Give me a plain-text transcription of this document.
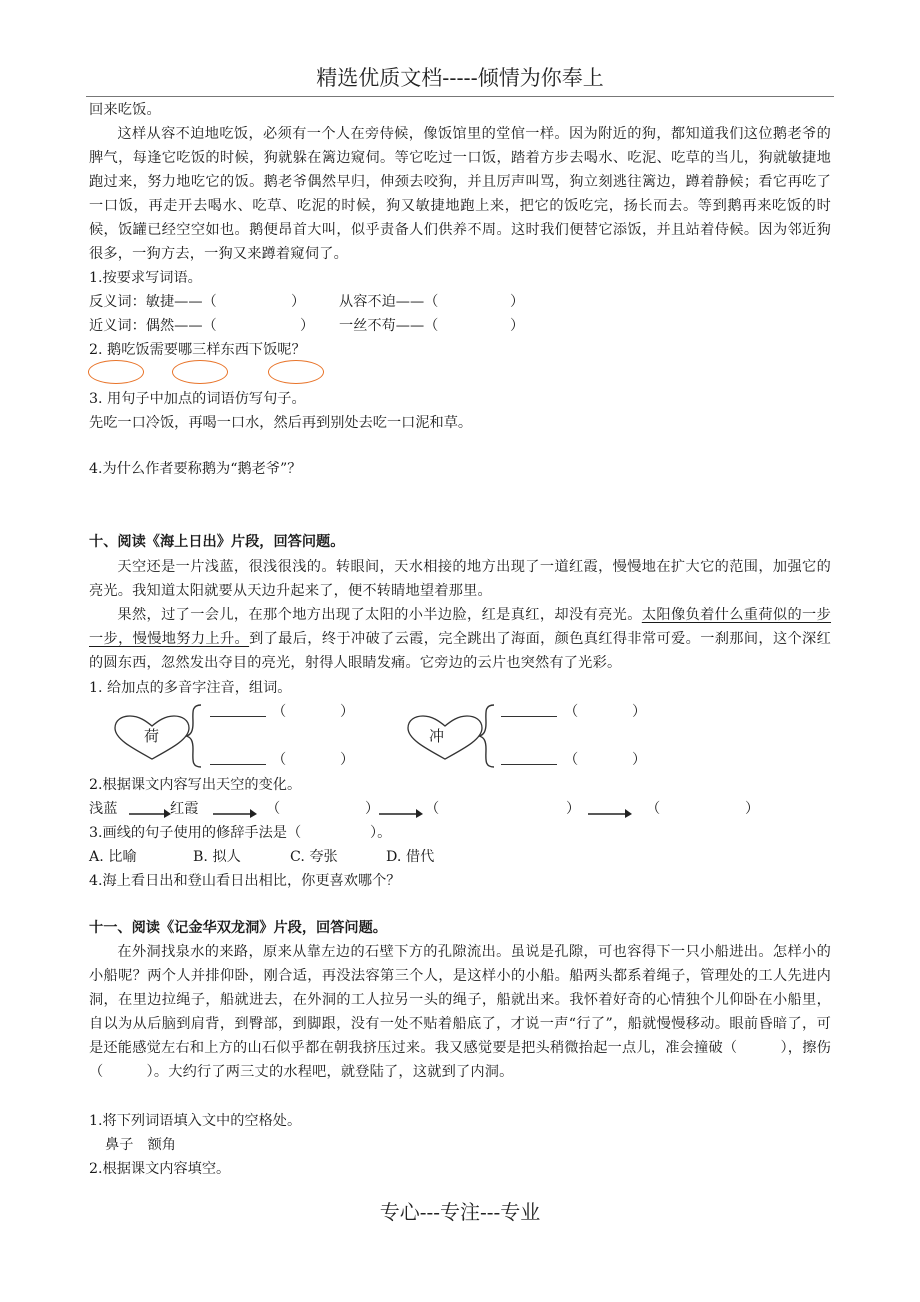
精选优质文档-----倾情为你奉上
回来吃饭。
这样从容不迫地吃饭，必须有一个人在旁侍候，像饭馆里的堂倌一样。因为附近的狗，都知道我们这位鹅老爷的脾气，每逢它吃饭的时候，狗就躲在篱边窥伺。等它吃过一口饭，踏着方步去喝水、吃泥、吃草的当儿，狗就敏捷地跑过来，努力地吃它的饭。鹅老爷偶然早归，伸颈去咬狗，并且厉声叫骂，狗立刻逃往篱边，蹲着静候；看它再吃了一口饭，再走开去喝水、吃草、吃泥的时候，狗又敏捷地跑上来，把它的饭吃完，扬长而去。等到鹅再来吃饭的时候，饭罐已经空空如也。鹅便昂首大叫，似乎责备人们供养不周。这时我们便替它添饭，并且站着侍候。因为邻近狗很多，一狗方去，一狗又来蹲着窥伺了。
1.按要求写词语。
反义词：敏捷——（	） 从容不迫——（	）
近义词：偶然——（	） 一丝不苟——（	）
2. 鹅吃饭需要哪三样东西下饭呢？
3. 用句子中加点的词语仿写句子。
先吃一口冷饭，再喝一口水，然后再到别处去吃一口泥和草。
4.为什么作者要称鹅为“鹅老爷”？
十、阅读《海上日出》片段，回答问题。
天空还是一片浅蓝，很浅很浅的。转眼间，天水相接的地方出现了一道红霞，慢慢地在扩大它的范围，加强它的亮光。我知道太阳就要从天边升起来了，便不转睛地望着那里。
果然，过了一会儿，在那个地方出现了太阳的小半边脸，红是真红，却没有亮光。太阳像负着什么重荷似的一步一步，慢慢地努力上升。到了最后，终于冲破了云霞，完全跳出了海面，颜色真红得非常可爱。一刹那间，这个深红的圆东西，忽然发出夺目的亮光，射得人眼睛发痛。它旁边的云片也突然有了光彩。
1. 给加点的多音字注音，组词。
荷
（	）
（	）
冲
（	）
（	）
2.根据课文内容写出天空的变化。
浅蓝	红霞	（	）	（	）	（	）
3.画线的句子使用的修辞手法是（	）。
A. 比喻	B. 拟人	C. 夸张	D. 借代
4.海上看日出和登山看日出相比，你更喜欢哪个？
十一、阅读《记金华双龙洞》片段，回答问题。
在外洞找泉水的来路，原来从靠左边的石壁下方的孔隙流出。虽说是孔隙，可也容得下一只小船进出。怎样小的小船呢？两个人并排仰卧，刚合适，再没法容第三个人，是这样小的小船。船两头都系着绳子，管理处的工人先进内洞，在里边拉绳子，船就进去，在外洞的工人拉另一头的绳子，船就出来。我怀着好奇的心情独个儿仰卧在小船里，自以为从后脑到肩背，到臀部，到脚跟，没有一处不贴着船底了，才说一声“行了”，船就慢慢移动。眼前昏暗了，可是还能感觉左右和上方的山石似乎都在朝我挤压过来。我又感觉要是把头稍微抬起一点儿，准会撞破（　　　），擦伤（　　　）。大约行了两三丈的水程吧，就登陆了，这就到了内洞。
1.将下列词语填入文中的空格处。
鼻子　额角
2.根据课文内容填空。
专心---专注---专业
